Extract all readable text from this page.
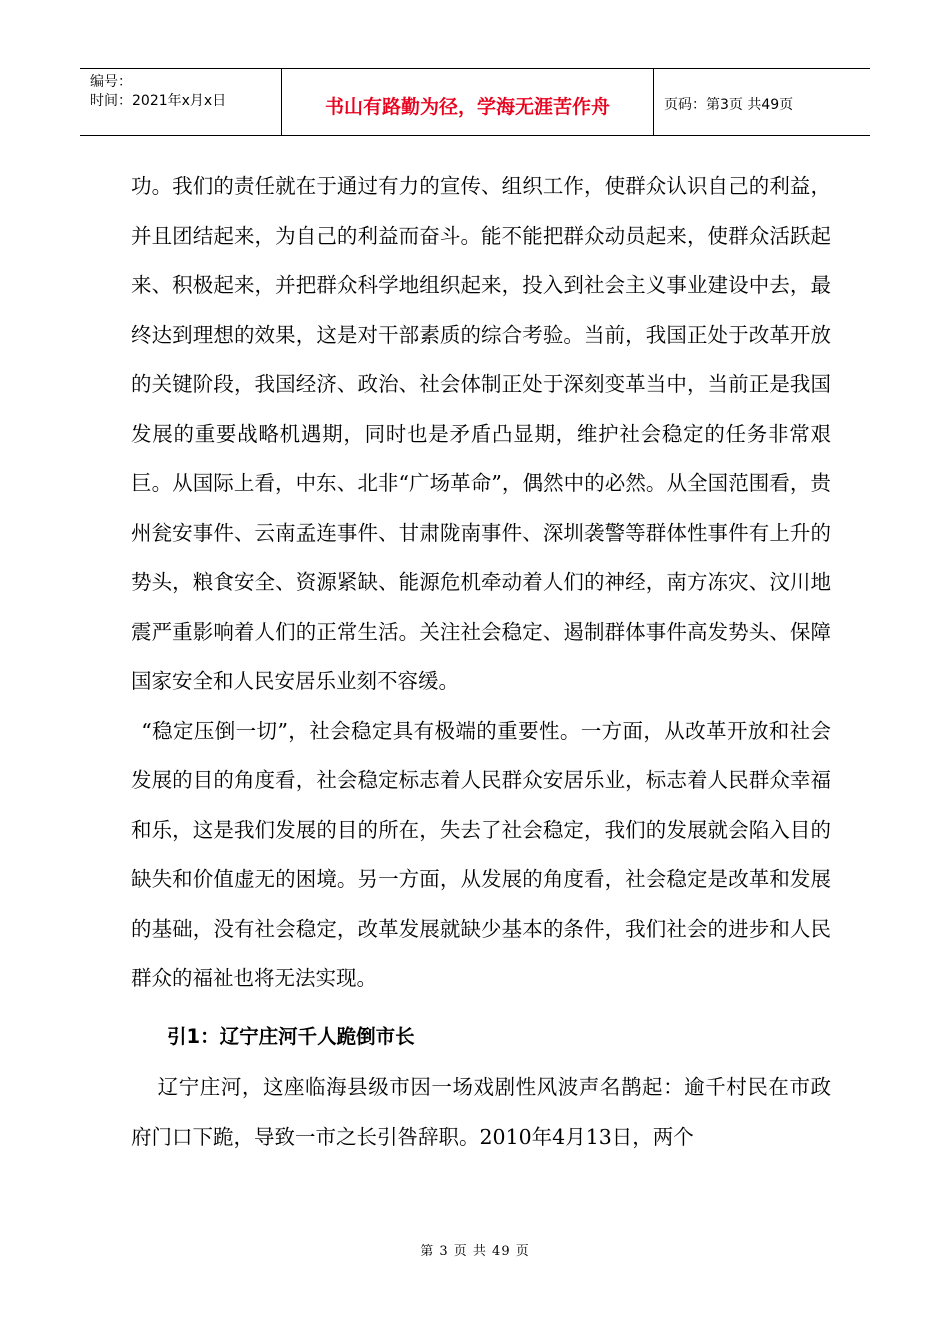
编号：
时间：2021年x月x日	书山有路勤为径，学海无涯苦作舟	页码：第3页 共49页

功。我们的责任就在于通过有力的宣传、组织工作，使群众认识自己的利益，并且团结起来，为自己的利益而奋斗。能不能把群众动员起来，使群众活跃起来、积极起来，并把群众科学地组织起来，投入到社会主义事业建设中去，最终达到理想的效果，这是对干部素质的综合考验。当前，我国正处于改革开放的关键阶段，我国经济、政治、社会体制正处于深刻变革当中，当前正是我国发展的重要战略机遇期，同时也是矛盾凸显期，维护社会稳定的任务非常艰巨。从国际上看，中东、北非“广场革命”，偶然中的必然。从全国范围看，贵州瓮安事件、云南孟连事件、甘肃陇南事件、深圳袭警等群体性事件有上升的势头，粮食安全、资源紧缺、能源危机牵动着人们的神经，南方冻灾、汶川地震严重影响着人们的正常生活。关注社会稳定、遏制群体事件高发势头、保障国家安全和人民安居乐业刻不容缓。

“稳定压倒一切”，社会稳定具有极端的重要性。一方面，从改革开放和社会发展的目的角度看，社会稳定标志着人民群众安居乐业，标志着人民群众幸福和乐，这是我们发展的目的所在，失去了社会稳定，我们的发展就会陷入目的缺失和价值虚无的困境。另一方面，从发展的角度看，社会稳定是改革和发展的基础，没有社会稳定，改革发展就缺少基本的条件，我们社会的进步和人民群众的福祉也将无法实现。

引1：辽宁庄河千人跪倒市长

辽宁庄河，这座临海县级市因一场戏剧性风波声名鹊起：逾千村民在市政府门口下跪，导致一市之长引咎辞职。2010年4月13日，两个

第 3 页 共 49 页
